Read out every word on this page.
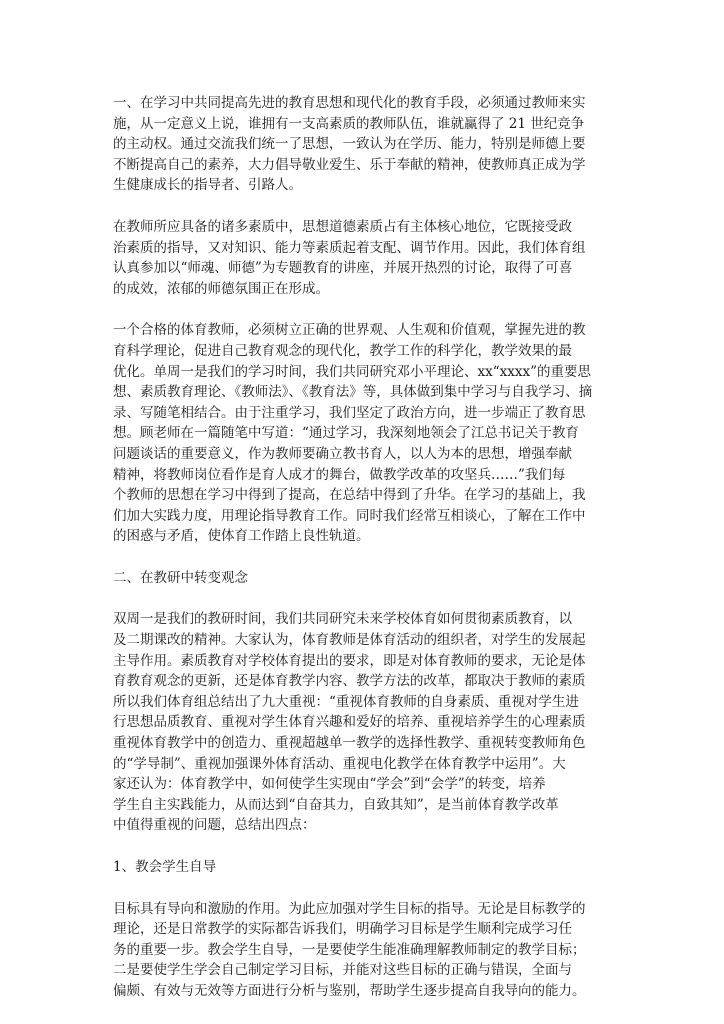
一、在学习中共同提高先进的教育思想和现代化的教育手段，必须通过教师来实
施，从一定意义上说，谁拥有一支高素质的教师队伍，谁就赢得了 21 世纪竞争
的主动权。通过交流我们统一了思想，一致认为在学历、能力，特别是师德上要
不断提高自己的素养，大力倡导敬业爱生、乐于奉献的精神，使教师真正成为学
生健康成长的指导者、引路人。

在教师所应具备的诸多素质中，思想道德素质占有主体核心地位，它既接受政
治素质的指导，又对知识、能力等素质起着支配、调节作用。因此，我们体育组
认真参加以“师魂、师德”为专题教育的讲座，并展开热烈的讨论，取得了可喜
的成效，浓郁的师德氛围正在形成。

一个合格的体育教师，必须树立正确的世界观、人生观和价值观，掌握先进的教
育科学理论，促进自己教育观念的现代化，教学工作的科学化，教学效果的最
优化。单周一是我们的学习时间，我们共同研究邓小平理论、xx“xxxx”的重要思
想、素质教育理论、《教师法》、《教育法》等，具体做到集中学习与自我学习、摘
录、写随笔相结合。由于注重学习，我们坚定了政治方向，进一步端正了教育思
想。顾老师在一篇随笔中写道：“通过学习，我深刻地领会了江总书记关于教育
问题谈话的重要意义，作为教师要确立教书育人，以人为本的思想，增强奉献
精神，将教师岗位看作是育人成才的舞台，做教学改革的攻坚兵……”我们每
个教师的思想在学习中得到了提高，在总结中得到了升华。在学习的基础上，我
们加大实践力度，用理论指导教育工作。同时我们经常互相谈心，了解在工作中
的困惑与矛盾，使体育工作踏上良性轨道。

二、在教研中转变观念

双周一是我们的教研时间，我们共同研究未来学校体育如何贯彻素质教育，以
及二期课改的精神。大家认为，体育教师是体育活动的组织者，对学生的发展起
主导作用。素质教育对学校体育提出的要求，即是对体育教师的要求，无论是体
育教育观念的更新，还是体育教学内容、教学方法的改革，都取决于教师的素质
所以我们体育组总结出了九大重视：“重视体育教师的自身素质、重视对学生进
行思想品质教育、重视对学生体育兴趣和爱好的培养、重视培养学生的心理素质
重视体育教学中的创造力、重视超越单一教学的选择性教学、重视转变教师角色
的“学导制”、重视加强课外体育活动、重视电化教学在体育教学中运用”。大
家还认为：体育教学中，如何使学生实现由“学会”到“会学”的转变，培养
学生自主实践能力，从而达到“自奋其力，自致其知”，是当前体育教学改革
中值得重视的问题，总结出四点：

1、教会学生自导

目标具有导向和激励的作用。为此应加强对学生目标的指导。无论是目标教学的
理论，还是日常教学的实际都告诉我们，明确学习目标是学生顺利完成学习任
务的重要一步。教会学生自导，一是要使学生能准确理解教师制定的教学目标；
二是要使学生学会自己制定学习目标，并能对这些目标的正确与错误，全面与
偏颇、有效与无效等方面进行分析与鉴别，帮助学生逐步提高自我导向的能力。
